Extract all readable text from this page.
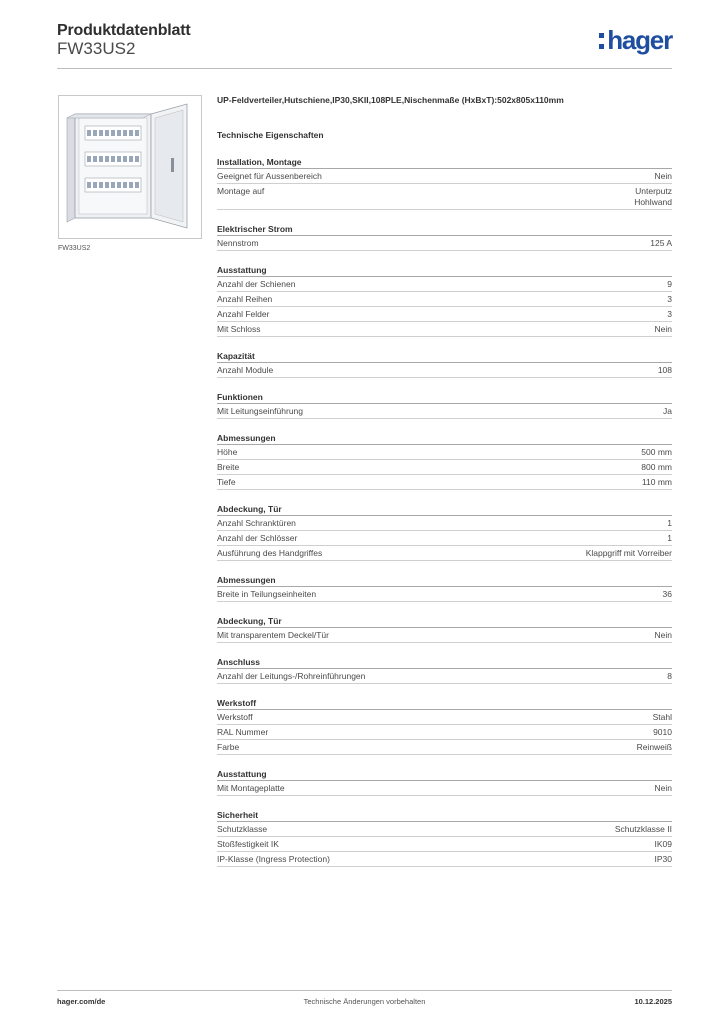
Produktdatenblatt
FW33US2	hager
FW33US2
UP-Feldverteiler,Hutschiene,IP30,SKII,108PLE,Nischenmaße (HxBxT):502x805x110mm
Technische Eigenschaften
Installation, Montage
Geeignet für Aussenbereich	Nein
Montage auf	Unterputz
Hohlwand
Elektrischer Strom
Nennstrom	125 A
Ausstattung
Anzahl der Schienen	9
Anzahl Reihen	3
Anzahl Felder	3
Mit Schloss	Nein
Kapazität
Anzahl Module	108
Funktionen
Mit Leitungseinführung	Ja
Abmessungen
Höhe	500 mm
Breite	800 mm
Tiefe	110 mm
Abdeckung, Tür
Anzahl Schranktüren	1
Anzahl der Schlösser	1
Ausführung des Handgriffes	Klappgriff mit Vorreiber
Abmessungen
Breite in Teilungseinheiten	36
Abdeckung, Tür
Mit transparentem Deckel/Tür	Nein
Anschluss
Anzahl der Leitungs-/Rohreinführungen	8
Werkstoff
Werkstoff	Stahl
RAL Nummer	9010
Farbe	Reinweiß
Ausstattung
Mit Montageplatte	Nein
Sicherheit
Schutzklasse	Schutzklasse II
Stoßfestigkeit IK	IK09
IP-Klasse (Ingress Protection)	IP30
hager.com/de	Technische Änderungen vorbehalten	10.12.2025
